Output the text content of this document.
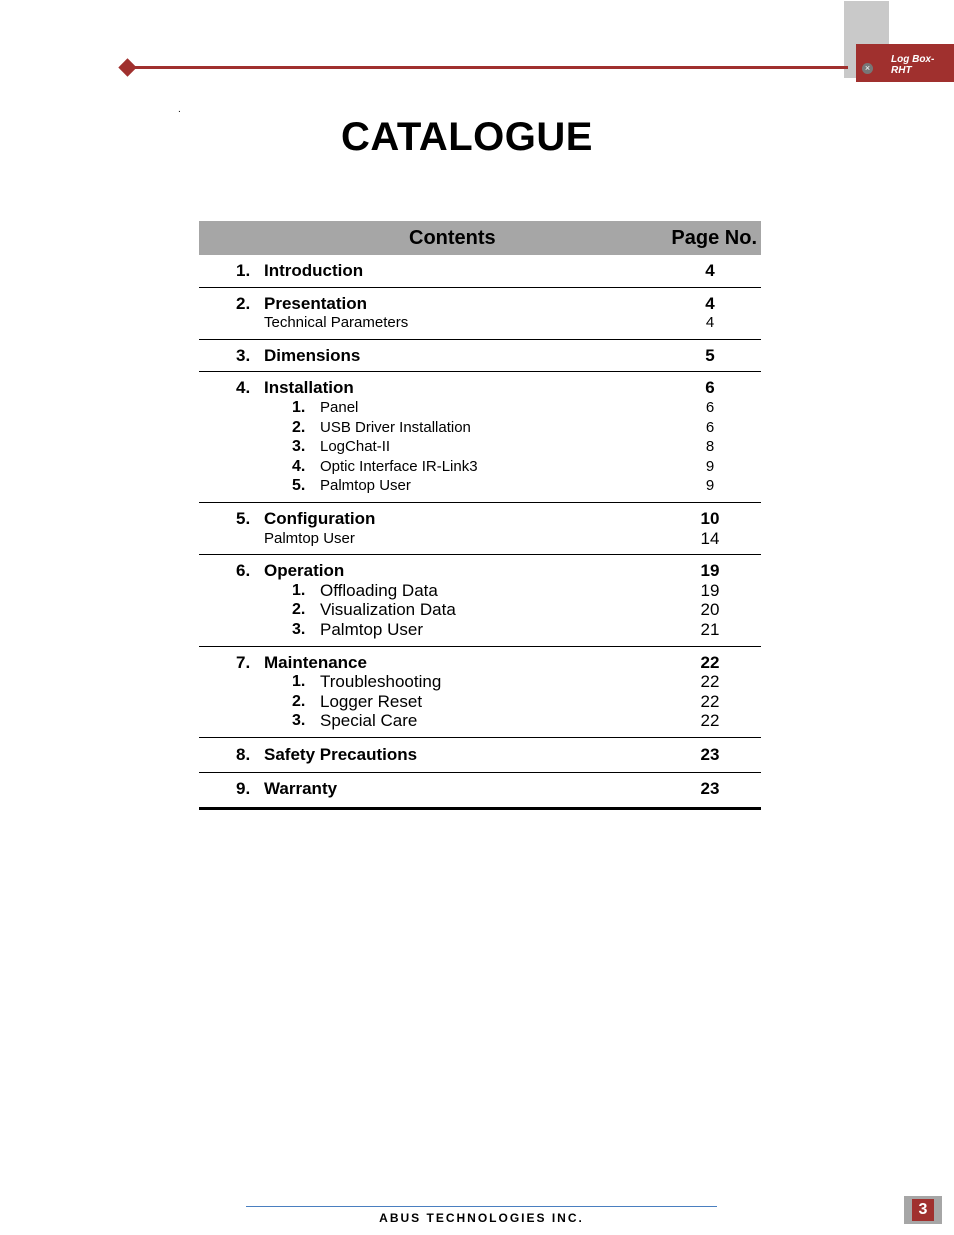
Log Box-RHT
×
.
CATALOGUE
Contents	Page No.
1. Introduction	4
2. Presentation	4
Technical Parameters	4
3. Dimensions	5
4. Installation	6
1. Panel	6
2. USB Driver Installation	6
3. LogChat-II	8
4. Optic Interface IR-Link3	9
5. Palmtop User	9
5. Configuration	10
Palmtop User	14
6. Operation	19
1. Offloading Data	19
2. Visualization Data	20
3. Palmtop User	21
7. Maintenance	22
1. Troubleshooting	22
2. Logger Reset	22
3. Special Care	22
8. Safety Precautions	23
9. Warranty	23
ABUS TECHNOLOGIES INC.	3
